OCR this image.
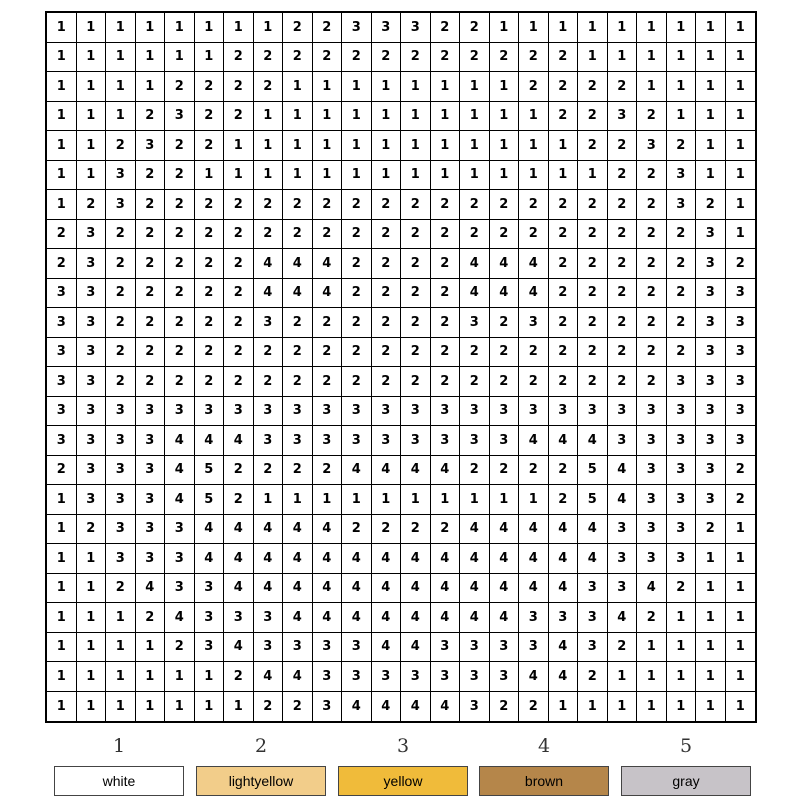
1	1	1	1	1	1	1	1	2	2	3	3	3	2	2	1	1	1	1	1	1	1	1	1
1	1	1	1	1	1	2	2	2	2	2	2	2	2	2	2	2	2	1	1	1	1	1	1
1	1	1	1	2	2	2	2	1	1	1	1	1	1	1	1	2	2	2	2	1	1	1	1
1	1	1	2	3	2	2	1	1	1	1	1	1	1	1	1	1	2	2	3	2	1	1	1
1	1	2	3	2	2	1	1	1	1	1	1	1	1	1	1	1	1	2	2	3	2	1	1
1	1	3	2	2	1	1	1	1	1	1	1	1	1	1	1	1	1	1	2	2	3	1	1
1	2	3	2	2	2	2	2	2	2	2	2	2	2	2	2	2	2	2	2	2	3	2	1
2	3	2	2	2	2	2	2	2	2	2	2	2	2	2	2	2	2	2	2	2	2	3	1
2	3	2	2	2	2	2	4	4	4	2	2	2	2	4	4	4	2	2	2	2	2	3	2
3	3	2	2	2	2	2	4	4	4	2	2	2	2	4	4	4	2	2	2	2	2	3	3
3	3	2	2	2	2	2	3	2	2	2	2	2	2	3	2	3	2	2	2	2	2	3	3
3	3	2	2	2	2	2	2	2	2	2	2	2	2	2	2	2	2	2	2	2	2	3	3
3	3	2	2	2	2	2	2	2	2	2	2	2	2	2	2	2	2	2	2	2	3	3	3
3	3	3	3	3	3	3	3	3	3	3	3	3	3	3	3	3	3	3	3	3	3	3	3
3	3	3	3	4	4	4	3	3	3	3	3	3	3	3	3	4	4	4	3	3	3	3	3
2	3	3	3	4	5	2	2	2	2	4	4	4	4	2	2	2	2	5	4	3	3	3	2
1	3	3	3	4	5	2	1	1	1	1	1	1	1	1	1	1	2	5	4	3	3	3	2
1	2	3	3	3	4	4	4	4	4	2	2	2	2	4	4	4	4	4	3	3	3	2	1
1	1	3	3	3	4	4	4	4	4	4	4	4	4	4	4	4	4	4	3	3	3	1	1
1	1	2	4	3	3	4	4	4	4	4	4	4	4	4	4	4	4	3	3	4	2	1	1
1	1	1	2	4	3	3	3	4	4	4	4	4	4	4	4	3	3	3	4	2	1	1	1
1	1	1	1	2	3	4	3	3	3	3	4	4	3	3	3	3	4	3	2	1	1	1	1
1	1	1	1	1	1	2	4	4	3	3	3	3	3	3	3	4	4	2	1	1	1	1	1
1	1	1	1	1	1	1	2	2	3	4	4	4	4	3	2	2	1	1	1	1	1	1	1
1
white
2
lightyellow
3
yellow
4
brown
5
gray
